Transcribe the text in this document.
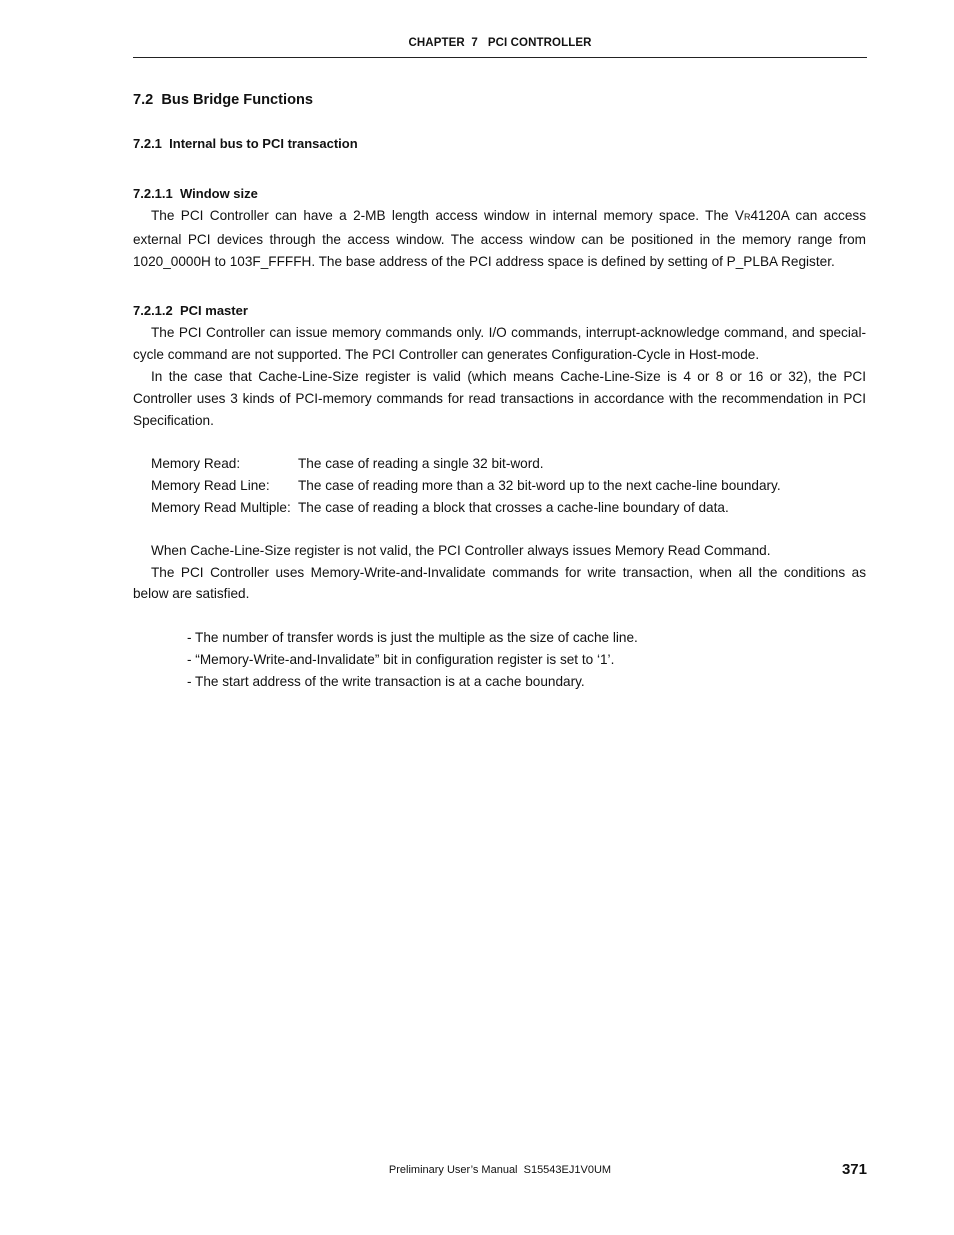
CHAPTER  7 PCI CONTROLLER
7.2  Bus Bridge Functions
7.2.1  Internal bus to PCI transaction
7.2.1.1  Window size

The PCI Controller can have a 2-MB length access window in internal memory space. The VR4120A can access external PCI devices through the access window. The access window can be positioned in the memory range from 1020_0000H to 103F_FFFFH. The base address of the PCI address space is defined by setting of P_PLBA Register.

7.2.1.2  PCI master

The PCI Controller can issue memory commands only. I/O commands, interrupt-acknowledge command, and special-cycle command are not supported. The PCI Controller can generates Configuration-Cycle in Host-mode.

In the case that Cache-Line-Size register is valid (which means Cache-Line-Size is 4 or 8 or 16 or 32), the PCI Controller uses 3 kinds of PCI-memory commands for read transactions in accordance with the recommendation in PCI Specification.

Memory Read:	The case of reading a single 32 bit-word.
Memory Read Line:	The case of reading more than a 32 bit-word up to the next cache-line boundary.
Memory Read Multiple: The case of reading a block that crosses a cache-line boundary of data.

When Cache-Line-Size register is not valid, the PCI Controller always issues Memory Read Command.

The PCI Controller uses Memory-Write-and-Invalidate commands for write transaction, when all the conditions as below are satisfied.

- The number of transfer words is just the multiple as the size of cache line.
- “Memory-Write-and-Invalidate” bit in configuration register is set to ‘1’.
- The start address of the write transaction is at a cache boundary.
Preliminary User’s Manual  S15543EJ1V0UM	371
